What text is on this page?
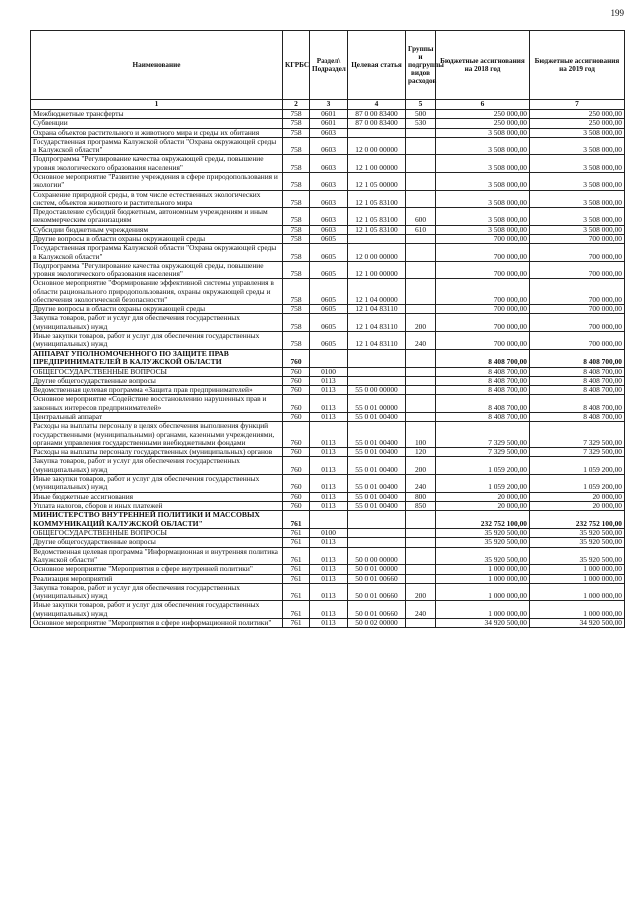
199
Наименование	КГРБС	Раздел\ Подраздел	Целевая статья	Группы и подгруппы видов расходов	Бюджетные ассигнования на 2018 год	Бюджетные ассигнования на 2019 год
1	2	3	4	5	6	7
Межбюджетные трансферты	758	0601	87 0 00 83400	500	250 000,00	250 000,00
Субвенции	758	0601	87 0 00 83400	530	250 000,00	250 000,00
Охрана объектов растительного и животного мира и среды их обитания	758	0603			3 508 000,00	3 508 000,00
Государственная программа Калужской области "Охрана окружающей среды в Калужской области"	758	0603	12 0 00 00000		3 508 000,00	3 508 000,00
Подпрограмма "Регулирование качества окружающей среды, повышение уровня экологического образования населения"	758	0603	12 1 00 00000		3 508 000,00	3 508 000,00
Основное мероприятие "Развитие учреждения в сфере природопользования и экологии"	758	0603	12 1 05 00000		3 508 000,00	3 508 000,00
Сохранение природной среды, в том числе естественных экологических систем, объектов животного и растительного мира	758	0603	12 1 05 83100		3 508 000,00	3 508 000,00
Предоставление субсидий бюджетным, автономным учреждениям и иным некоммерческим организациям	758	0603	12 1 05 83100	600	3 508 000,00	3 508 000,00
Субсидии бюджетным учреждениям	758	0603	12 1 05 83100	610	3 508 000,00	3 508 000,00
Другие вопросы в области охраны окружающей среды	758	0605			700 000,00	700 000,00
Государственная программа Калужской области "Охрана окружающей среды в Калужской области"	758	0605	12 0 00 00000		700 000,00	700 000,00
Подпрограмма "Регулирование качества окружающей среды, повышение уровня экологического образования населения"	758	0605	12 1 00 00000		700 000,00	700 000,00
Основное мероприятие "Формирование эффективной системы управления в области рационального природопользования, охраны окружающей среды и обеспечения экологической безопасности"	758	0605	12 1 04 00000		700 000,00	700 000,00
Другие вопросы в области охраны окружающей среды	758	0605	12 1 04 83110		700 000,00	700 000,00
Закупка товаров, работ и услуг для обеспечения государственных (муниципальных) нужд	758	0605	12 1 04 83110	200	700 000,00	700 000,00
Иные закупки товаров, работ и услуг для обеспечения государственных (муниципальных) нужд	758	0605	12 1 04 83110	240	700 000,00	700 000,00
АППАРАТ УПОЛНОМОЧЕННОГО ПО ЗАЩИТЕ ПРАВ ПРЕДПРИНИМАТЕЛЕЙ В КАЛУЖСКОЙ ОБЛАСТИ	760				8 408 700,00	8 408 700,00
ОБЩЕГОСУДАРСТВЕННЫЕ ВОПРОСЫ	760	0100			8 408 700,00	8 408 700,00
Другие общегосударственные вопросы	760	0113			8 408 700,00	8 408 700,00
Ведомственная целевая программа «Защита прав предпринимателей»	760	0113	55 0 00 00000		8 408 700,00	8 408 700,00
Основное мероприятие «Содействие восстановлению нарушенных прав и законных интересов предпринимателей»	760	0113	55 0 01 00000		8 408 700,00	8 408 700,00
Центральный аппарат	760	0113	55 0 01 00400		8 408 700,00	8 408 700,00
Расходы на выплаты персоналу в целях обеспечения выполнения функций государственными (муниципальными) органами, казенными учреждениями, органами управления государственными внебюджетными фондами	760	0113	55 0 01 00400	100	7 329 500,00	7 329 500,00
Расходы на выплаты персоналу государственных (муниципальных) органов	760	0113	55 0 01 00400	120	7 329 500,00	7 329 500,00
Закупка товаров, работ и услуг для обеспечения государственных (муниципальных) нужд	760	0113	55 0 01 00400	200	1 059 200,00	1 059 200,00
Иные закупки товаров, работ и услуг для обеспечения государственных (муниципальных) нужд	760	0113	55 0 01 00400	240	1 059 200,00	1 059 200,00
Иные бюджетные ассигнования	760	0113	55 0 01 00400	800	20 000,00	20 000,00
Уплата налогов, сборов и иных платежей	760	0113	55 0 01 00400	850	20 000,00	20 000,00
МИНИСТЕРСТВО ВНУТРЕННЕЙ ПОЛИТИКИ И МАССОВЫХ КОММУНИКАЦИЙ КАЛУЖСКОЙ ОБЛАСТИ"	761				232 752 100,00	232 752 100,00
ОБЩЕГОСУДАРСТВЕННЫЕ ВОПРОСЫ	761	0100			35 920 500,00	35 920 500,00
Другие общегосударственные вопросы	761	0113			35 920 500,00	35 920 500,00
Ведомственная целевая программа "Информационная и внутренняя политика Калужской области"	761	0113	50 0 00 00000		35 920 500,00	35 920 500,00
Основное мероприятие "Мероприятия в сфере внутренней политики"	761	0113	50 0 01 00000		1 000 000,00	1 000 000,00
Реализация мероприятий	761	0113	50 0 01 00660		1 000 000,00	1 000 000,00
Закупка товаров, работ и услуг для обеспечения государственных (муниципальных) нужд	761	0113	50 0 01 00660	200	1 000 000,00	1 000 000,00
Иные закупки товаров, работ и услуг для обеспечения государственных (муниципальных) нужд	761	0113	50 0 01 00660	240	1 000 000,00	1 000 000,00
Основное мероприятие "Мероприятия в сфере информационной политики"	761	0113	50 0 02 00000		34 920 500,00	34 920 500,00
